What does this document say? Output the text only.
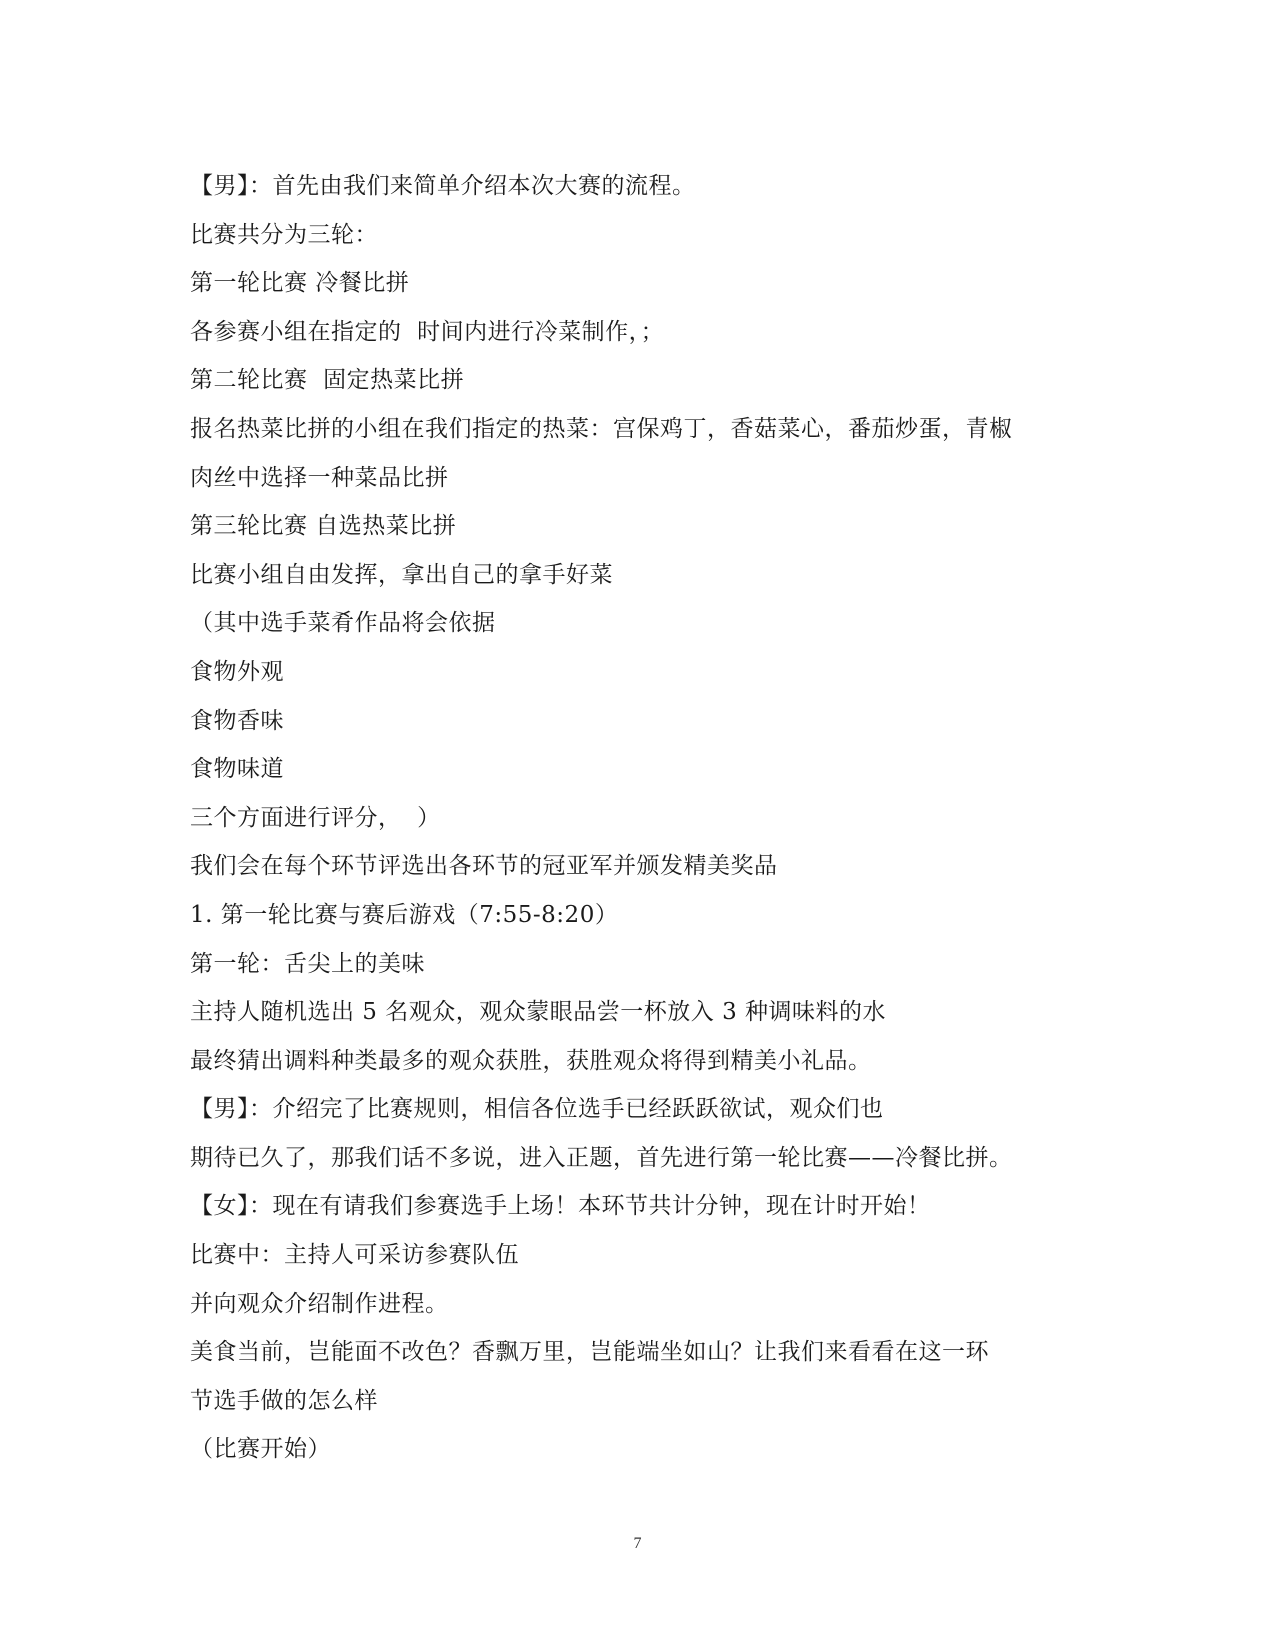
【男】：首先由我们来简单介绍本次大赛的流程。
比赛共分为三轮：
第一轮比赛 冷餐比拼
各参赛小组在指定的  时间内进行冷菜制作，；
第二轮比赛  固定热菜比拼
报名热菜比拼的小组在我们指定的热菜：宫保鸡丁，香菇菜心，番茄炒蛋，青椒
肉丝中选择一种菜品比拼
第三轮比赛 自选热菜比拼
比赛小组自由发挥，拿出自己的拿手好菜
（其中选手菜肴作品将会依据
食物外观
食物香味
食物味道
三个方面进行评分，  ）
我们会在每个环节评选出各环节的冠亚军并颁发精美奖品
1. 第一轮比赛与赛后游戏（7:55-8:20）
第一轮：舌尖上的美味
主持人随机选出 5 名观众，观众蒙眼品尝一杯放入 3 种调味料的水
最终猜出调料种类最多的观众获胜，获胜观众将得到精美小礼品。
【男】：介绍完了比赛规则，相信各位选手已经跃跃欲试，观众们也
期待已久了，那我们话不多说，进入正题，首先进行第一轮比赛——冷餐比拼。
【女】：现在有请我们参赛选手上场！本环节共计分钟，现在计时开始！
比赛中：主持人可采访参赛队伍
并向观众介绍制作进程。
美食当前，岂能面不改色？香飘万里，岂能端坐如山？让我们来看看在这一环
节选手做的怎么样
（比赛开始）
7
